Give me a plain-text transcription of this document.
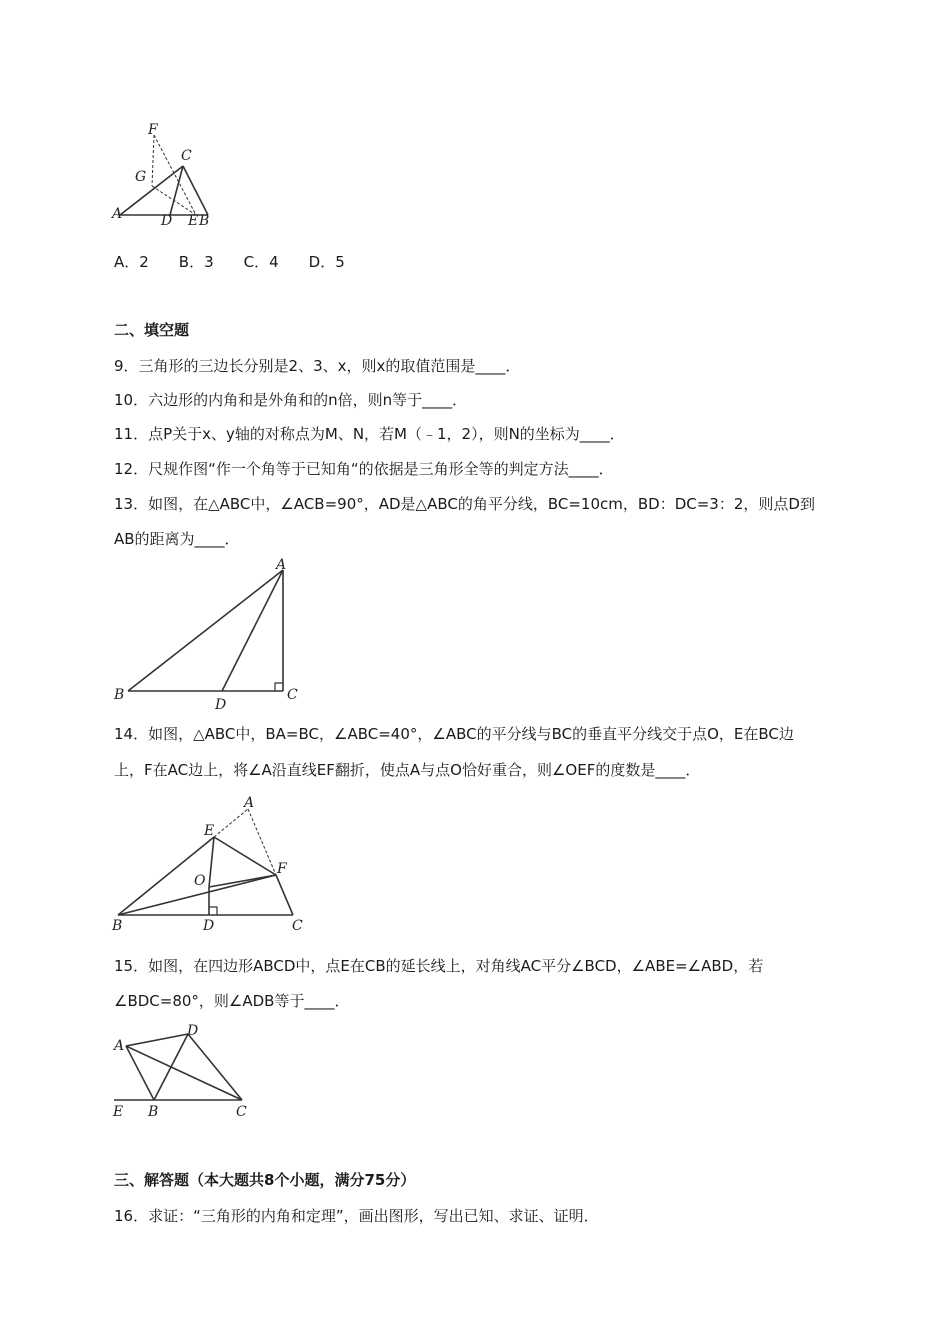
F
C
G
A	D E B
A．2　　B．3　　C．4　　D．5
二、填空题
9．三角形的三边长分别是2、3、x，则x的取值范围是____．
10．六边形的内角和是外角和的n倍，则n等于____．
11．点P关于x、y轴的对称点为M、N，若M（﹣1，2），则N的坐标为____．
12．尺规作图“作一个角等于已知角“的依据是三角形全等的判定方法____．
13．如图，在△ABC中，∠ACB=90°，AD是△ABC的角平分线，BC=10cm，BD：DC=3：2，则点D到
AB的距离为____．
A
B
D
C
14．如图，△ABC中，BA=BC，∠ABC=40°，∠ABC的平分线与BC的垂直平分线交于点O，E在BC边
上，F在AC边上，将∠A沿直线EF翻折，使点A与点O恰好重合，则∠OEF的度数是____．
A
E
F
O
B	D	C
15．如图，在四边形ABCD中，点E在CB的延长线上，对角线AC平分∠BCD，∠ABE=∠ABD，若
∠BDC=80°，则∠ADB等于____．
A
D
E B	C
三、解答题（本大题共8个小题，满分75分）
16．求证：“三角形的内角和定理”，画出图形，写出已知、求证、证明．
